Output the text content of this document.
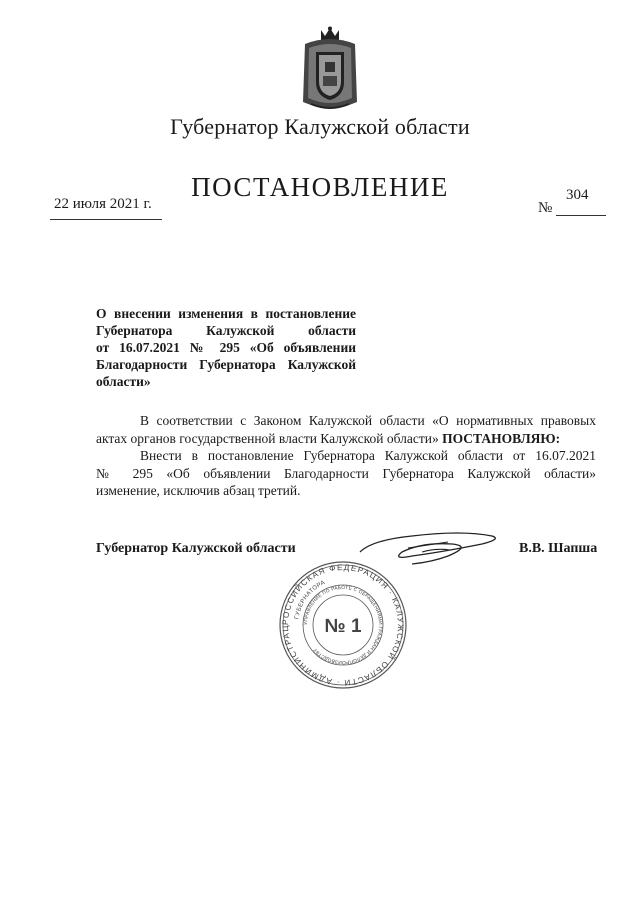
Губернатор Калужской области
ПОСТАНОВЛЕНИЕ
22 июля 2021 г.	№
304
О внесении изменения в постановление
Губернатора Калужской области
от 16.07.2021 № 295 «Об объявлении
Благодарности Губернатора Калужской
области»

В соответствии с Законом Калужской области «О нормативных правовых актах органов государственной власти Калужской области» ПОСТАНОВЛЯЮ:

Внести в постановление Губернатора Калужской области от 16.07.2021

№ 295 «Об объявлении Благодарности Губернатора Калужской области»

изменение, исключив абзац третий.

Губернатор Калужской области	В.В. Шапша
РОССИЙСКАЯ ФЕДЕРАЦИЯ · КАЛУЖСКОЙ ОБЛАСТИ · АДМИНИСТРАЦ
ГУБЕРНАТОРА
УПРАВЛЕНИЕ ПО РАБОТЕ С ОБРАЩЕНИЯМИ ГРАЖДАН И ДЕЛОПРОИЗВОДСТВУ
№ 1
